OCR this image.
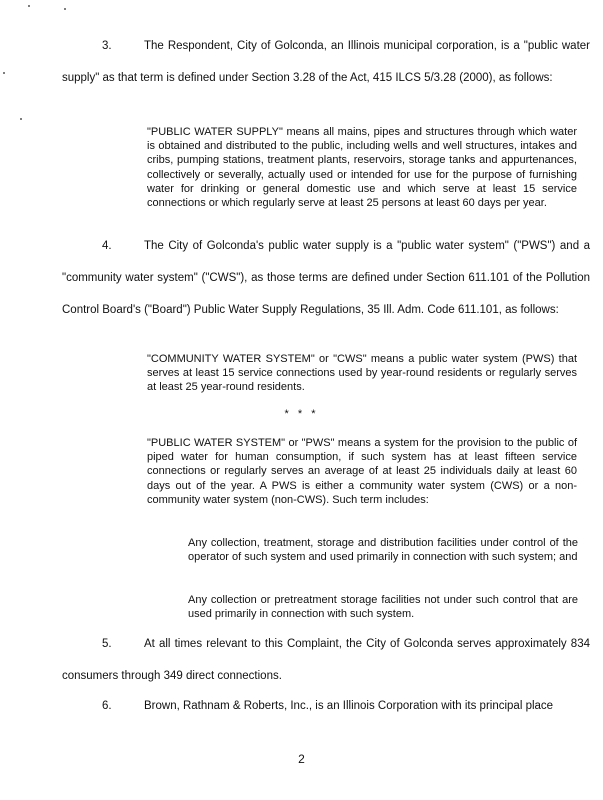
3.	The Respondent, City of Golconda, an Illinois municipal corporation, is a "public water supply" as that term is defined under Section 3.28 of the Act, 415 ILCS 5/3.28 (2000), as follows:
"PUBLIC WATER SUPPLY" means all mains, pipes and structures through which water is obtained and distributed to the public, including wells and well structures, intakes and cribs, pumping stations, treatment plants, reservoirs, storage tanks and appurtenances, collectively or severally, actually used or intended for use for the purpose of furnishing water for drinking or general domestic use and which serve at least 15 service connections or which regularly serve at least 25 persons at least 60 days per year.
4.	The City of Golconda's public water supply is a "public water system" ("PWS") and a "community water system" ("CWS"), as those terms are defined under Section 611.101 of the Pollution Control Board's ("Board") Public Water Supply Regulations, 35 Ill. Adm. Code 611.101, as follows:
"COMMUNITY WATER SYSTEM" or "CWS" means a public water system (PWS) that serves at least 15 service connections used by year-round residents or regularly serves at least 25 year-round residents.
* * *
"PUBLIC WATER SYSTEM" or "PWS" means a system for the provision to the public of piped water for human consumption, if such system has at least fifteen service connections or regularly serves an average of at least 25 individuals daily at least 60 days out of the year. A PWS is either a community water system (CWS) or a non-community water system (non-CWS). Such term includes:
Any collection, treatment, storage and distribution facilities under control of the operator of such system and used primarily in connection with such system; and
Any collection or pretreatment storage facilities not under such control that are used primarily in connection with such system.
5.	At all times relevant to this Complaint, the City of Golconda serves approximately 834 consumers through 349 direct connections.
6.	Brown, Rathnam & Roberts, Inc., is an Illinois Corporation with its principal place
2
